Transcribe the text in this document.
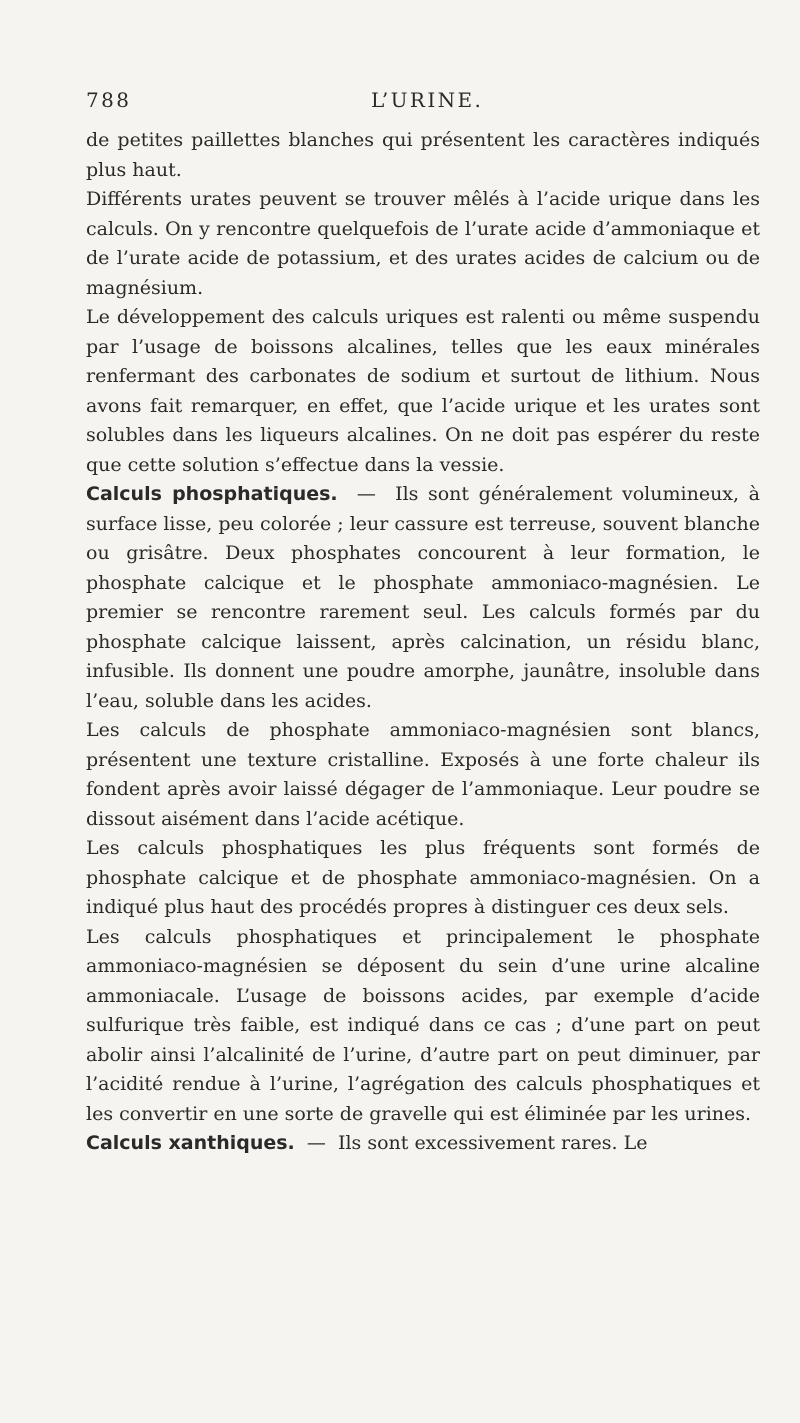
788	L’URINE.

de petites paillettes blanches qui présentent les caractères indiqués plus haut.

Différents urates peuvent se trouver mêlés à l’acide urique dans les calculs. On y rencontre quelquefois de l’urate acide d’ammoniaque et de l’urate acide de potassium, et des urates acides de calcium ou de magnésium.

Le développement des calculs uriques est ralenti ou même suspendu par l’usage de boissons alcalines, telles que les eaux minérales renfermant des carbonates de sodium et surtout de lithium. Nous avons fait remarquer, en effet, que l’acide urique et les urates sont solubles dans les liqueurs alcalines. On ne doit pas espérer du reste que cette solution s’effectue dans la vessie.

Calculs phosphatiques.  —  Ils sont généralement volumineux, à surface lisse, peu colorée ; leur cassure est terreuse, souvent blanche ou grisâtre. Deux phosphates concourent à leur formation, le phosphate calcique et le phosphate ammoniaco-magnésien. Le premier se rencontre rarement seul. Les calculs formés par du phosphate calcique laissent, après calcination, un résidu blanc, infusible. Ils donnent une poudre amorphe, jaunâtre, insoluble dans l’eau, soluble dans les acides.

Les calculs de phosphate ammoniaco-magnésien sont blancs, présentent une texture cristalline. Exposés à une forte chaleur ils fondent après avoir laissé dégager de l’ammoniaque. Leur poudre se dissout aisément dans l’acide acétique.

Les calculs phosphatiques les plus fréquents sont formés de phosphate calcique et de phosphate ammoniaco-magnésien. On a indiqué plus haut des procédés propres à distinguer ces deux sels.

Les calculs phosphatiques et principalement le phosphate ammoniaco-magnésien se déposent du sein d’une urine alcaline ammoniacale. L’usage de boissons acides, par exemple d’acide sulfurique très faible, est indiqué dans ce cas ; d’une part on peut abolir ainsi l’alcalinité de l’urine, d’autre part on peut diminuer, par l’acidité rendue à l’urine, l’agrégation des calculs phosphatiques et les convertir en une sorte de gravelle qui est éliminée par les urines.

Calculs xanthiques.  —  Ils sont excessivement rares. Le
